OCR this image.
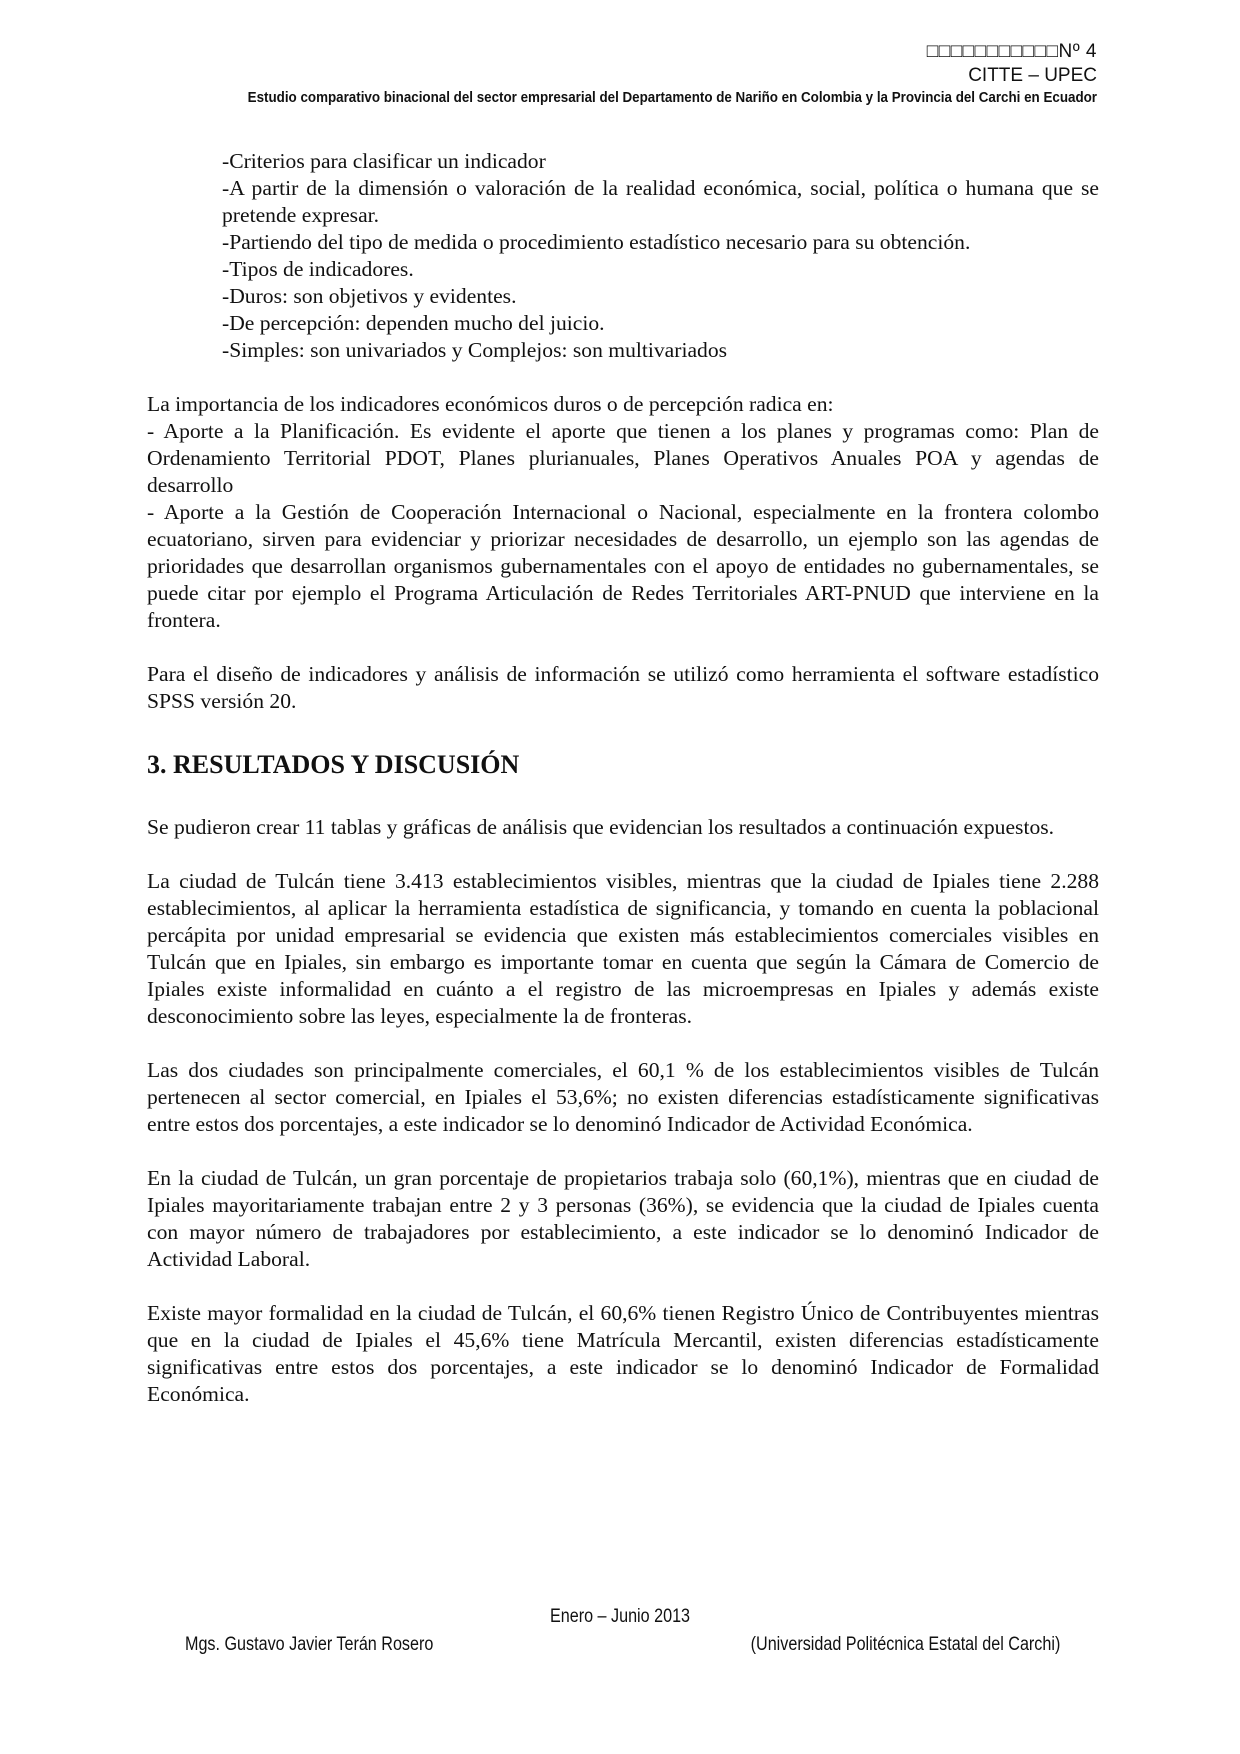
□□□□□□□□□□□Nº 4
CITTE – UPEC
Estudio comparativo binacional del sector empresarial del Departamento de Nariño en Colombia y la Provincia del Carchi en Ecuador

-Criterios para clasificar un indicador

-A partir de la dimensión o valoración de la realidad económica, social, política o humana que se pretende expresar.

-Partiendo del tipo de medida o procedimiento estadístico necesario para su obtención.

-Tipos de indicadores.

-Duros: son objetivos y evidentes.

-De percepción: dependen mucho del juicio.

-Simples: son univariados y Complejos: son multivariados

La importancia de los indicadores económicos duros o de percepción radica en:

- Aporte a la Planificación. Es evidente el aporte que tienen a los planes y programas como: Plan de Ordenamiento Territorial PDOT, Planes plurianuales, Planes Operativos Anuales POA y agendas de desarrollo

- Aporte a la Gestión de Cooperación Internacional o Nacional, especialmente en la frontera colombo ecuatoriano, sirven para evidenciar y priorizar necesidades de desarrollo, un ejemplo son las agendas de prioridades que desarrollan organismos gubernamentales con el apoyo de entidades no gubernamentales, se puede citar por ejemplo el Programa Articulación de Redes Territoriales ART-PNUD que interviene en la frontera.

Para el diseño de indicadores y análisis de información se utilizó como herramienta el software estadístico SPSS versión 20.

3. RESULTADOS Y DISCUSIÓN

Se pudieron crear 11 tablas y gráficas de análisis que evidencian los resultados a continuación expuestos.

La ciudad de Tulcán tiene 3.413 establecimientos visibles, mientras que la ciudad de Ipiales tiene 2.288 establecimientos, al aplicar la herramienta estadística de significancia, y tomando en cuenta la poblacional percápita por unidad empresarial se evidencia que existen más establecimientos comerciales visibles en Tulcán que en Ipiales, sin embargo es importante tomar en cuenta que según la Cámara de Comercio de Ipiales existe informalidad en cuánto a el registro de las microempresas en Ipiales y además existe desconocimiento sobre las leyes, especialmente la de fronteras.

Las dos ciudades son principalmente comerciales, el 60,1 % de los establecimientos visibles de Tulcán pertenecen al sector comercial, en Ipiales el 53,6%; no existen diferencias estadísticamente significativas entre estos dos porcentajes, a este indicador se lo denominó Indicador de Actividad Económica.

En la ciudad de Tulcán, un gran porcentaje de propietarios trabaja solo (60,1%), mientras que en ciudad de Ipiales mayoritariamente trabajan entre 2 y 3 personas (36%), se evidencia que la ciudad de Ipiales cuenta con mayor número de trabajadores por establecimiento, a este indicador se lo denominó Indicador de Actividad Laboral.

Existe mayor formalidad en la ciudad de Tulcán, el 60,6% tienen Registro Único de Contribuyentes mientras que en la ciudad de Ipiales el 45,6% tiene Matrícula Mercantil, existen diferencias estadísticamente significativas entre estos dos porcentajes, a este indicador se lo denominó Indicador de Formalidad Económica.

Enero – Junio 2013
Mgs. Gustavo Javier Terán Rosero	(Universidad Politécnica Estatal del Carchi)
